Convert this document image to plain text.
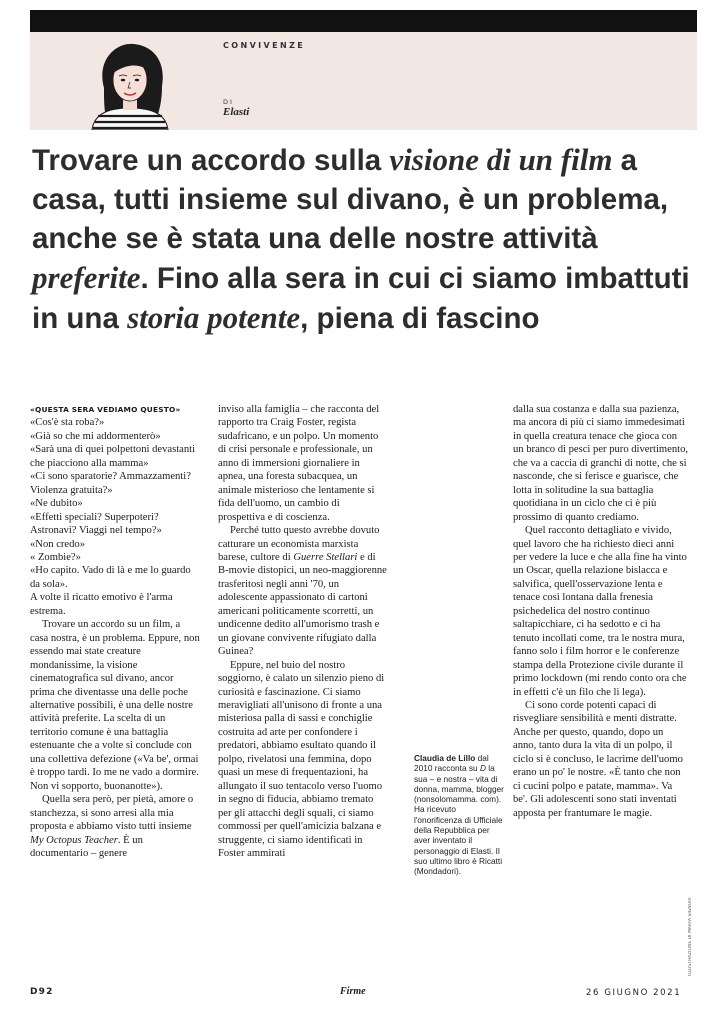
CONVIVENZE
DI
Elasti
Trovare un accordo sulla visione di un film a casa, tutti insieme sul divano, è un problema, anche se è stata una delle nostre attività preferite. Fino alla sera in cui ci siamo imbattuti in una storia potente, piena di fascino

«QUESTA SERA VEDIAMO QUESTO»

«Cos'è sta roba?»

«Già so che mi addormenterò»

«Sarà una di quei polpettoni devastanti che piacciono alla mamma»

«Ci sono sparatorie? Ammazzamenti? Violenza gratuita?»

«Ne dubito»

«Effetti speciali? Superpoteri? Astronavi? Viaggi nel tempo?»

«Non credo»

« Zombie?»

«Ho capito. Vado di là e me lo guardo da sola».

A volte il ricatto emotivo è l'arma estrema.

Trovare un accordo su un film, a casa nostra, è un problema. Eppure, non essendo mai state creature mondanissime, la visione cinematografica sul divano, ancor prima che diventasse una delle poche alternative possibili, è una delle nostre attività preferite. La scelta di un territorio comune è una battaglia estenuante che a volte si conclude con una collettiva defezione («Va be', ormai è troppo tardi. Io me ne vado a dormire. Non vi sopporto, buonanotte»).

Quella sera però, per pietà, amore o stanchezza, si sono arresi alla mia proposta e abbiamo visto tutti insieme My Octopus Teacher. È un documentario – genere

inviso alla famiglia – che racconta del rapporto tra Craig Foster, regista sudafricano, e un polpo. Un momento di crisi personale e professionale, un anno di immersioni giornaliere in apnea, una foresta subacquea, un animale misterioso che lentamente si fida dell'uomo, un cambio di prospettiva e di coscienza.

Perché tutto questo avrebbe dovuto catturare un economista marxista barese, cultore di Guerre Stellari e di B-movie distopici, un neo-maggiorenne trasferitosi negli anni '70, un adolescente appassionato di cartoni americani politicamente scorretti, un undicenne dedito all'umorismo trash e un giovane convivente rifugiato dalla Guinea?

Eppure, nel buio del nostro soggiorno, è calato un silenzio pieno di curiosità e fascinazione. Ci siamo meravigliati all'unisono di fronte a una misteriosa palla di sassi e conchiglie costruita ad arte per confondere i predatori, abbiamo esultato quando il polpo, rivelatosi una femmina, dopo quasi un mese di frequentazioni, ha allungato il suo tentacolo verso l'uomo in segno di fiducia, abbiamo tremato per gli attacchi degli squali, ci siamo commossi per quell'amicizia balzana e struggente, ci siamo identificati in Foster ammirati

Claudia de Lillo dal 2010 racconta su D la sua – e nostra – vita di donna, mamma, blogger (nonsolomamma. com). Ha ricevuto l'onorificenza di Ufficiale della Repubblica per aver inventato il personaggio di Elasti. Il suo ultimo libro è Ricatti (Mondadori).

dalla sua costanza e dalla sua pazienza, ma ancora di più ci siamo immedesimati in quella creatura tenace che gioca con un branco di pesci per puro divertimento, che va a caccia di granchi di notte, che si nasconde, che si ferisce e guarisce, che lotta in solitudine la sua battaglia quotidiana in un ciclo che ci è più prossimo di quanto crediamo.

Quel racconto dettagliato e vivido, quel lavoro che ha richiesto dieci anni per vedere la luce e che alla fine ha vinto un Oscar, quella relazione bislacca e salvifica, quell'osservazione lenta e tenace così lontana dalla frenesia psichedelica del nostro continuo saltapicchiare, ci ha sedotto e ci ha tenuto incollati come, tra le nostra mura, fanno solo i film horror e le conferenze stampa della Protezione civile durante il primo lockdown (mi rendo conto ora che in effetti c'è un filo che li lega).

Ci sono corde potenti capaci di risvegliare sensibilità e menti distratte. Anche per questo, quando, dopo un anno, tanto dura la vita di un polpo, il ciclo si è concluso, le lacrime dell'uomo erano un po' le nostre. «È tanto che non ci cucini polpo e patate, mamma». Va be'. Gli adolescenti sono stati inventati apposta per frantumare le magie.

ILLUSTRAZIONE DI MARTA SIGNORI
D92	Firme	26 GIUGNO 2021
